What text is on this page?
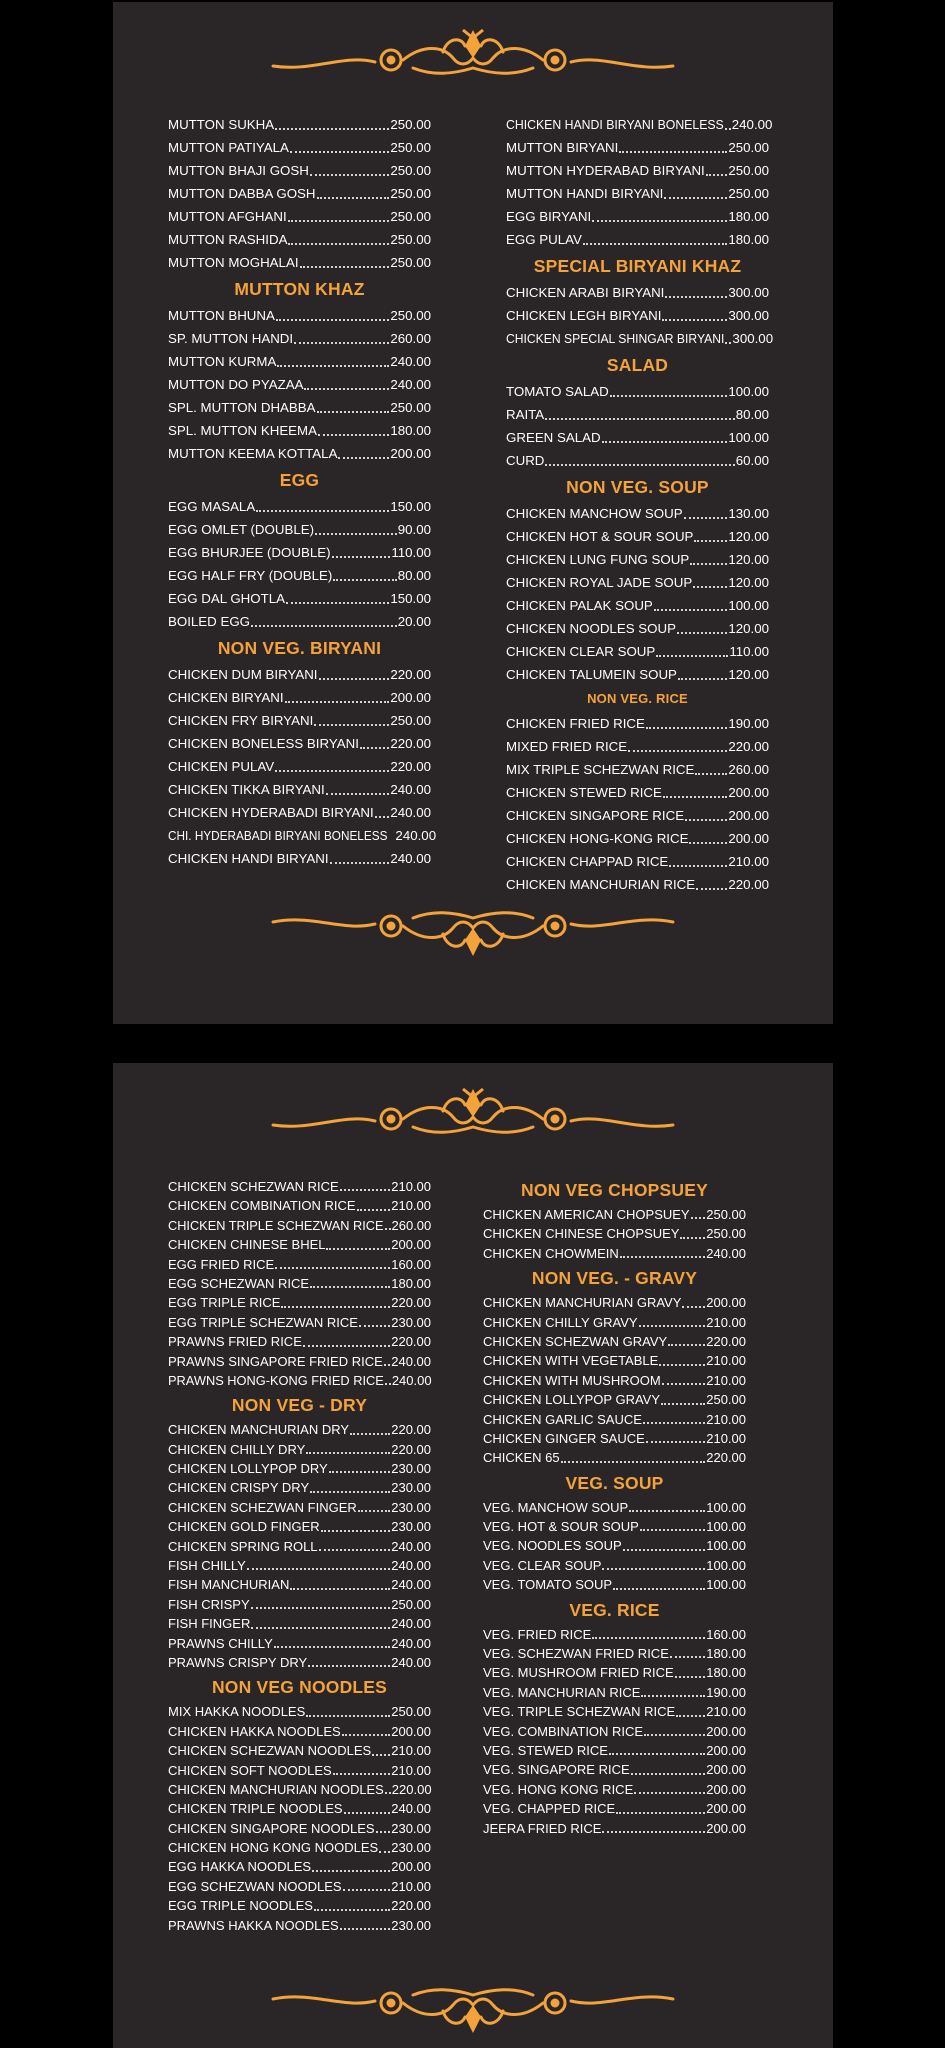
MUTTON SUKHA	250.00
MUTTON PATIYALA	250.00
MUTTON BHAJI GOSH	250.00
MUTTON DABBA GOSH	250.00
MUTTON AFGHANI	250.00
MUTTON RASHIDA	250.00
MUTTON MOGHALAI	250.00
MUTTON KHAZ
MUTTON BHUNA	250.00
SP. MUTTON HANDI	260.00
MUTTON KURMA	240.00
MUTTON DO PYAZAA	240.00
SPL. MUTTON DHABBA	250.00
SPL. MUTTON KHEEMA	180.00
MUTTON KEEMA KOTTALA	200.00
EGG
EGG MASALA	150.00
EGG OMLET (DOUBLE)	90.00
EGG BHURJEE (DOUBLE)	110.00
EGG HALF FRY (DOUBLE)	80.00
EGG DAL GHOTLA	150.00
BOILED EGG	20.00
NON VEG. BIRYANI
CHICKEN DUM BIRYANI	220.00
CHICKEN BIRYANI	200.00
CHICKEN FRY BIRYANI	250.00
CHICKEN BONELESS BIRYANI 220.00
CHICKEN PULAV	220.00
CHICKEN TIKKA BIRYANI	240.00
CHICKEN HYDERABADI BIRYANI 240.00
CHI. HYDERABADI BIRYANI BONELESS 240.00
CHICKEN HANDI BIRYANI	240.00
CHICKEN HANDI BIRYANI BONELESS 240.00
MUTTON BIRYANI	250.00
MUTTON HYDERABAD BIRYANI 250.00
MUTTON HANDI BIRYANI	250.00
EGG BIRYANI	180.00
EGG PULAV	180.00
SPECIAL BIRYANI KHAZ
CHICKEN ARABI BIRYANI	300.00
CHICKEN LEGH BIRYANI	300.00
CHICKEN SPECIAL SHINGAR BIRYANI 300.00
SALAD
TOMATO SALAD	100.00
RAITA	80.00
GREEN SALAD	100.00
CURD	60.00
NON VEG. SOUP
CHICKEN MANCHOW SOUP	130.00
CHICKEN HOT & SOUR SOUP	120.00
CHICKEN LUNG FUNG SOUP	120.00
CHICKEN ROYAL JADE SOUP	120.00
CHICKEN PALAK SOUP	100.00
CHICKEN NOODLES SOUP	120.00
CHICKEN CLEAR SOUP	110.00
CHICKEN TALUMEIN SOUP	120.00
NON VEG. RICE
CHICKEN FRIED RICE	190.00
MIXED FRIED RICE	220.00
MIX TRIPLE SCHEZWAN RICE	260.00
CHICKEN STEWED RICE	200.00
CHICKEN SINGAPORE RICE	200.00
CHICKEN HONG-KONG RICE	200.00
CHICKEN CHAPPAD RICE	210.00
CHICKEN MANCHURIAN RICE 220.00
CHICKEN SCHEZWAN RICE	210.00
CHICKEN COMBINATION RICE	210.00
CHICKEN TRIPLE SCHEZWAN RICE 260.00
CHICKEN CHINESE BHEL	200.00
EGG FRIED RICE	160.00
EGG SCHEZWAN RICE	180.00
EGG TRIPLE RICE	220.00
EGG TRIPLE SCHEZWAN RICE	230.00
PRAWNS FRIED RICE	220.00
PRAWNS SINGAPORE FRIED RICE 240.00
PRAWNS HONG-KONG FRIED RICE 240.00
NON VEG - DRY
CHICKEN MANCHURIAN DRY	220.00
CHICKEN CHILLY DRY	220.00
CHICKEN LOLLYPOP DRY	230.00
CHICKEN CRISPY DRY	230.00
CHICKEN SCHEZWAN FINGER	230.00
CHICKEN GOLD FINGER	230.00
CHICKEN SPRING ROLL	240.00
FISH CHILLY	240.00
FISH MANCHURIAN	240.00
FISH CRISPY	250.00
FISH FINGER	240.00
PRAWNS CHILLY	240.00
PRAWNS CRISPY DRY	240.00
NON VEG NOODLES
MIX HAKKA NOODLES	250.00
CHICKEN HAKKA NOODLES	200.00
CHICKEN SCHEZWAN NOODLES 210.00
CHICKEN SOFT NOODLES	210.00
CHICKEN MANCHURIAN NOODLES 220.00
CHICKEN TRIPLE NOODLES	240.00
CHICKEN SINGAPORE NOODLES 230.00
CHICKEN HONG KONG NOODLES 230.00
EGG HAKKA NOODLES	200.00
EGG SCHEZWAN NOODLES	210.00
EGG TRIPLE NOODLES	220.00
PRAWNS HAKKA NOODLES	230.00
NON VEG CHOPSUEY
CHICKEN AMERICAN CHOPSUEY 250.00
CHICKEN CHINESE CHOPSUEY 250.00
CHICKEN CHOWMEIN	240.00
NON VEG. - GRAVY
CHICKEN MANCHURIAN GRAVY 200.00
CHICKEN CHILLY GRAVY	210.00
CHICKEN SCHEZWAN GRAVY	220.00
CHICKEN WITH VEGETABLE	210.00
CHICKEN WITH MUSHROOM	210.00
CHICKEN LOLLYPOP GRAVY	250.00
CHICKEN GARLIC SAUCE	210.00
CHICKEN GINGER SAUCE	210.00
CHICKEN 65	220.00
VEG. SOUP
VEG. MANCHOW SOUP	100.00
VEG. HOT & SOUR SOUP	100.00
VEG. NOODLES SOUP	100.00
VEG. CLEAR SOUP	100.00
VEG. TOMATO SOUP	100.00
VEG. RICE
VEG. FRIED RICE	160.00
VEG. SCHEZWAN FRIED RICE	180.00
VEG. MUSHROOM FRIED RICE	180.00
VEG. MANCHURIAN RICE	190.00
VEG. TRIPLE SCHEZWAN RICE 210.00
VEG. COMBINATION RICE	200.00
VEG. STEWED RICE	200.00
VEG. SINGAPORE RICE	200.00
VEG. HONG KONG RICE	200.00
VEG. CHAPPED RICE	200.00
JEERA FRIED RICE	200.00
